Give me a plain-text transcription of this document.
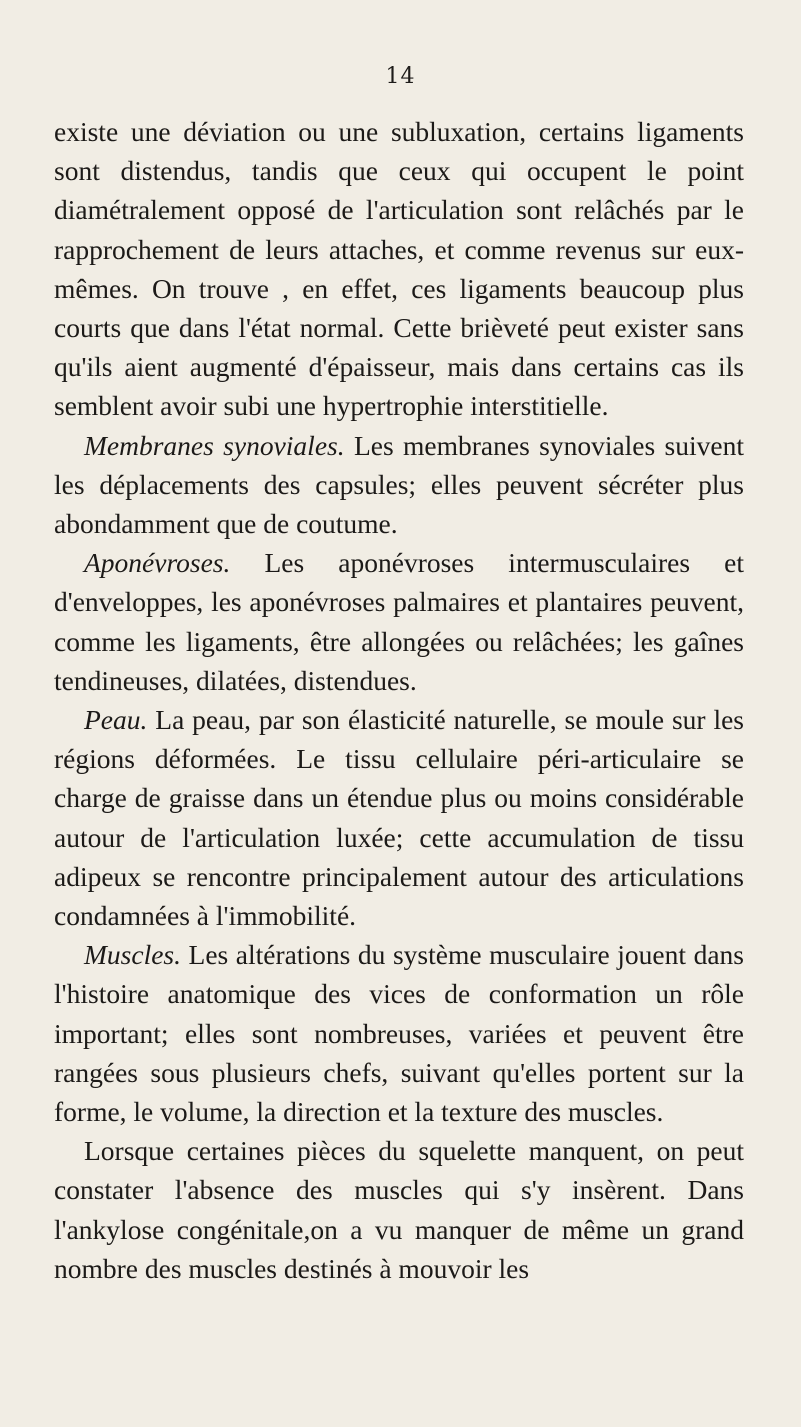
14

existe une déviation ou une subluxation, certains ligaments sont distendus, tandis que ceux qui occupent le point diamétralement opposé de l'articulation sont relâchés par le rapprochement de leurs attaches, et comme revenus sur eux-mêmes. On trouve , en effet, ces ligaments beaucoup plus courts que dans l'état normal. Cette brièveté peut exister sans qu'ils aient augmenté d'épaisseur, mais dans certains cas ils semblent avoir subi une hypertrophie interstitielle.

Membranes synoviales. Les membranes synoviales suivent les déplacements des capsules; elles peuvent sécréter plus abondamment que de coutume.

Aponévroses. Les aponévroses intermusculaires et d'enveloppes, les aponévroses palmaires et plantaires peuvent, comme les ligaments, être allongées ou relâchées; les gaînes tendineuses, dilatées, distendues.

Peau. La peau, par son élasticité naturelle, se moule sur les régions déformées. Le tissu cellulaire péri-articulaire se charge de graisse dans un étendue plus ou moins considérable autour de l'articulation luxée; cette accumulation de tissu adipeux se rencontre principalement autour des articulations condamnées à l'immobilité.

Muscles. Les altérations du système musculaire jouent dans l'histoire anatomique des vices de conformation un rôle important; elles sont nombreuses, variées et peuvent être rangées sous plusieurs chefs, suivant qu'elles portent sur la forme, le volume, la direction et la texture des muscles.

Lorsque certaines pièces du squelette manquent, on peut constater l'absence des muscles qui s'y insèrent. Dans l'ankylose congénitale,on a vu manquer de même un grand nombre des muscles destinés à mouvoir les
